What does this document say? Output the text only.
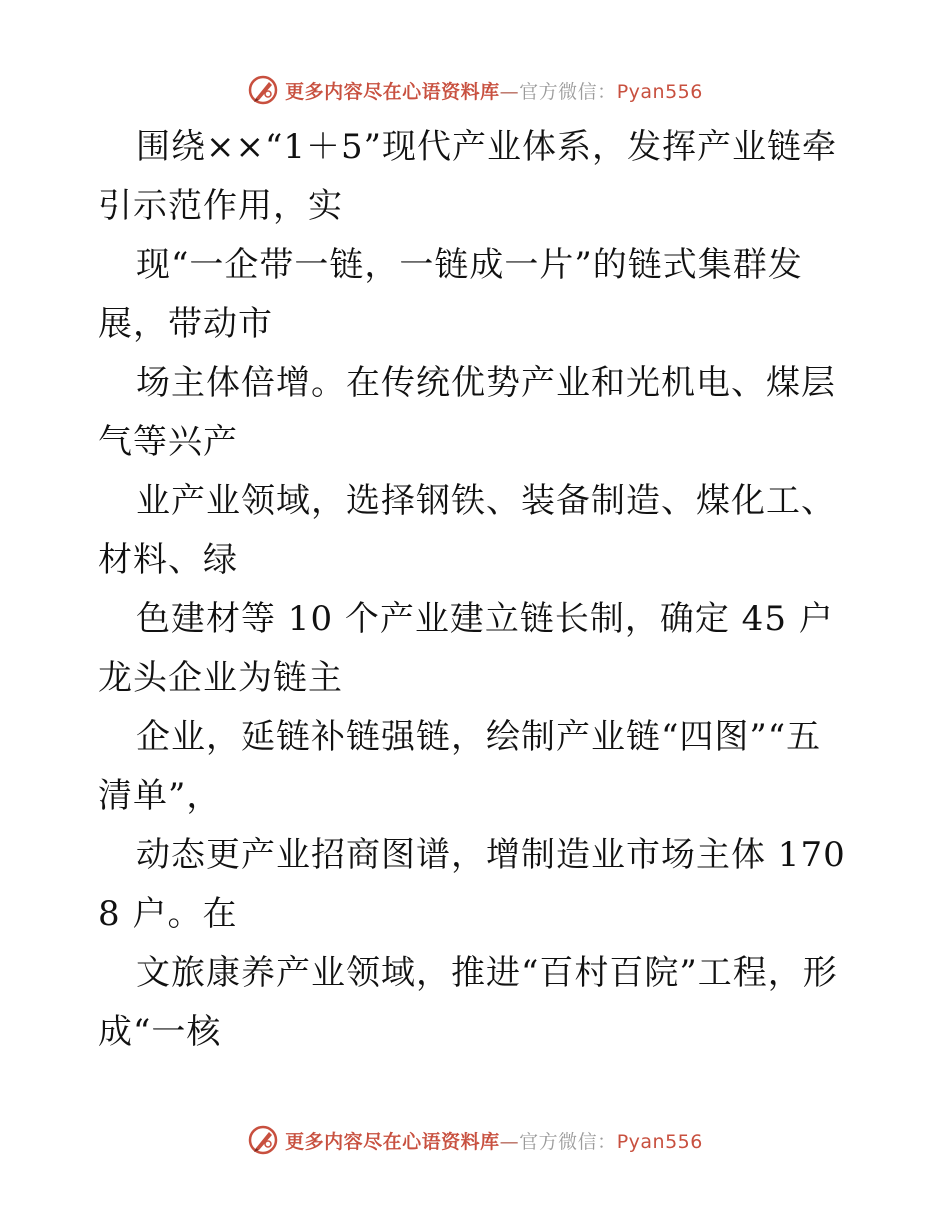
更多内容尽在心语资料库—官方微信：Pyan556

围绕××“1＋5”现代产业体系，发挥产业链牵引示范作用，实

现“一企带一链，一链成一片”的链式集群发展，带动市

场主体倍增。在传统优势产业和光机电、煤层气等兴产

业产业领域，选择钢铁、装备制造、煤化工、材料、绿

色建材等 10 个产业建立链长制，确定 45 户龙头企业为链主

企业，延链补链强链，绘制产业链“四图”“五清单”，

动态更产业招商图谱，增制造业市场主体 1708 户。在

文旅康养产业领域，推进“百村百院”工程，形成“一核

更多内容尽在心语资料库—官方微信：Pyan556
